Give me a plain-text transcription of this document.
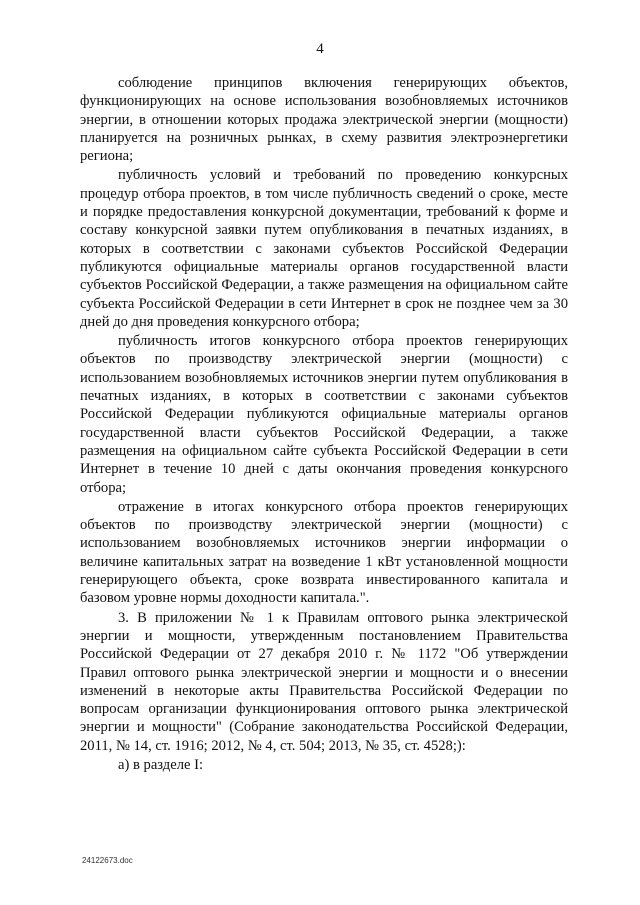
4

соблюдение принципов включения генерирующих объектов, функционирующих на основе использования возобновляемых источников энергии, в отношении которых продажа электрической энергии (мощности) планируется на розничных рынках, в схему развития электроэнергетики региона;

публичность условий и требований по проведению конкурсных процедур отбора проектов, в том числе публичность сведений о сроке, месте и порядке предоставления конкурсной документации, требований к форме и составу конкурсной заявки путем опубликования в печатных изданиях, в которых в соответствии с законами субъектов Российской Федерации публикуются официальные материалы органов государственной власти субъектов Российской Федерации, а также размещения на официальном сайте субъекта Российской Федерации в сети Интернет в срок не позднее чем за 30 дней до дня проведения конкурсного отбора;

публичность итогов конкурсного отбора проектов генерирующих объектов по производству электрической энергии (мощности) с использованием возобновляемых источников энергии путем опубликования в печатных изданиях, в которых в соответствии с законами субъектов Российской Федерации публикуются официальные материалы органов государственной власти субъектов Российской Федерации, а также размещения на официальном сайте субъекта Российской Федерации в сети Интернет в течение 10 дней с даты окончания проведения конкурсного отбора;

отражение в итогах конкурсного отбора проектов генерирующих объектов по производству электрической энергии (мощности) с использованием возобновляемых источников энергии информации о величине капитальных затрат на возведение 1 кВт установленной мощности генерирующего объекта, сроке возврата инвестированного капитала и базовом уровне нормы доходности капитала.".

3. В приложении № 1 к Правилам оптового рынка электрической энергии и мощности, утвержденным постановлением Правительства Российской Федерации от 27 декабря 2010 г. № 1172 "Об утверждении Правил оптового рынка электрической энергии и мощности и о внесении изменений в некоторые акты Правительства Российской Федерации по вопросам организации функционирования оптового рынка электрической энергии и мощности" (Собрание законодательства Российской Федерации, 2011, № 14, ст. 1916; 2012, № 4, ст. 504; 2013, № 35, ст. 4528;):

а) в разделе I:

24122673.doc
